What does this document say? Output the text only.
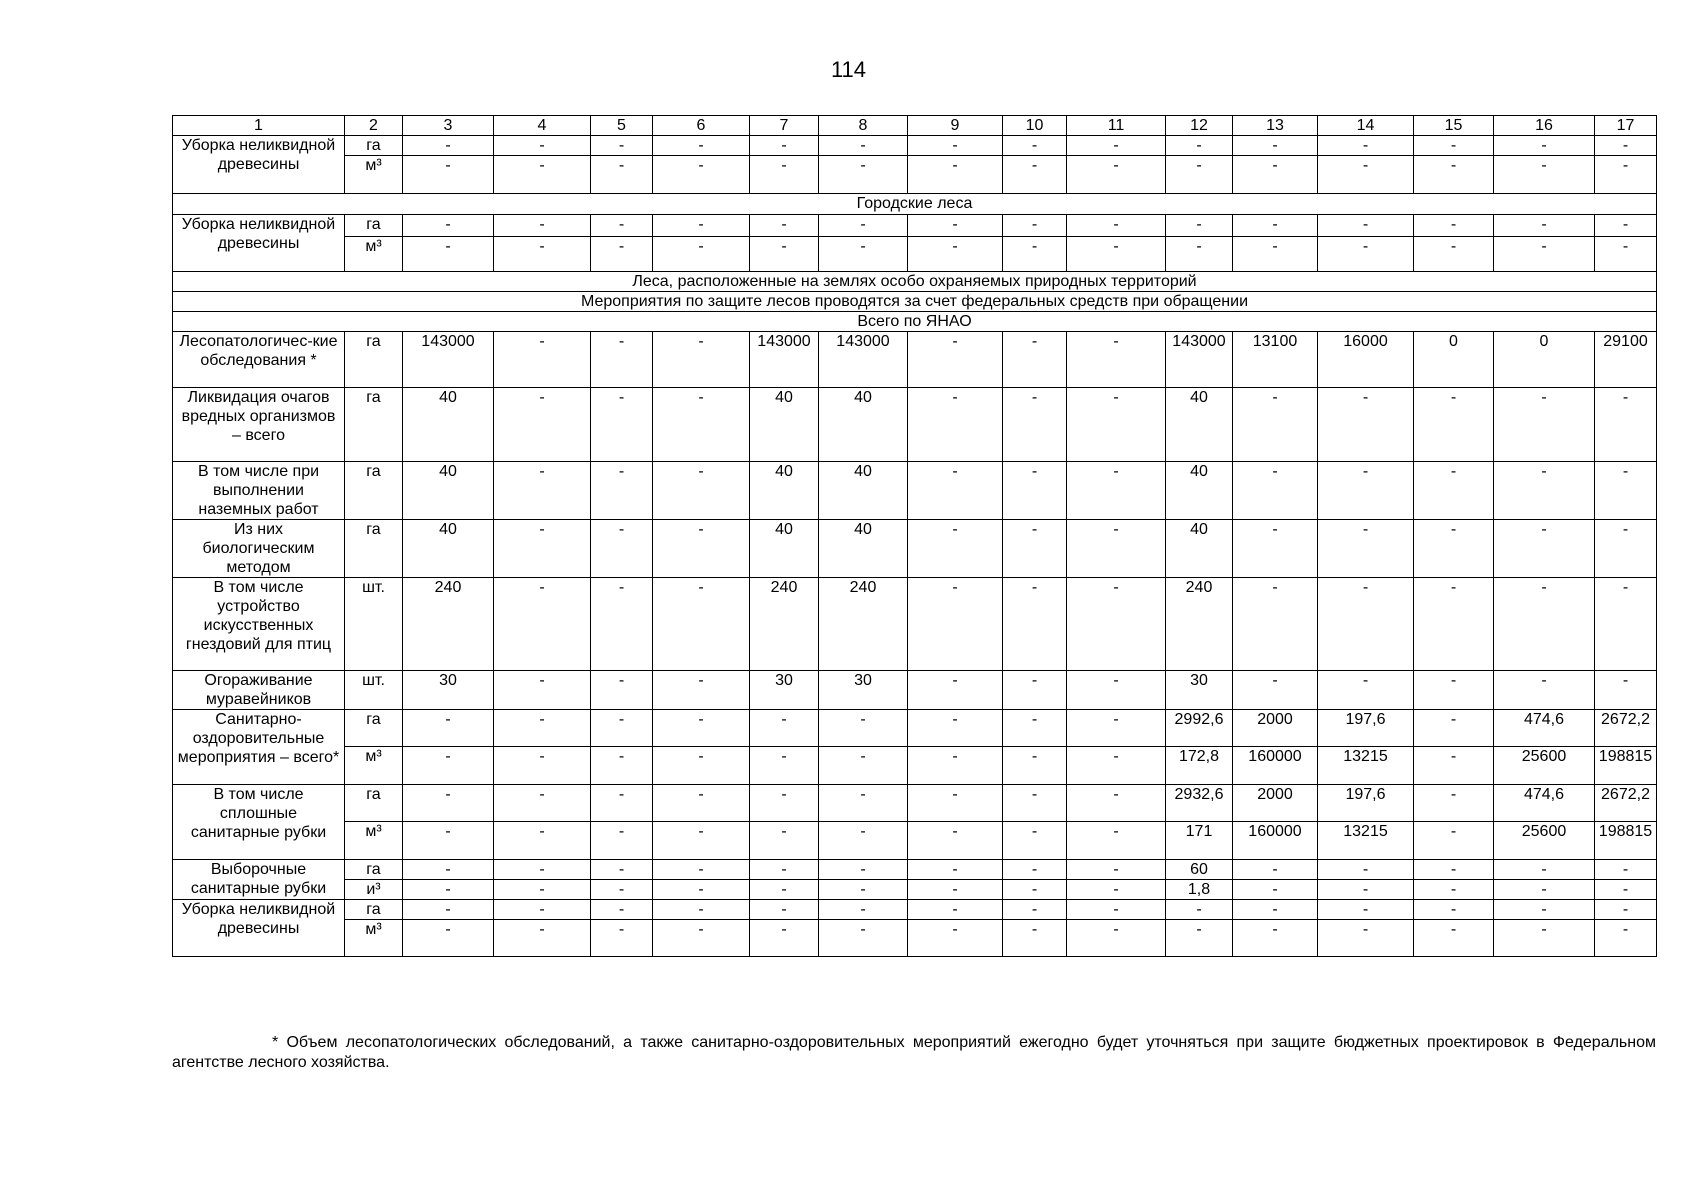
114
1	2	3	4	5	6	7	8	9	10	11	12	13	14	15	16	17
Уборка неликвидной древесины	га	-	-	-	-	-	-	-	-	-	-	-	-	-	-	-
	м³	-	-	-	-	-	-	-	-	-	-	-	-	-	-	-
Городские леса																
Уборка неликвидной древесины	га	-	-	-	-	-	-	-	-	-	-	-	-	-	-	-
	м³	-	-	-	-	-	-	-	-	-	-	-	-	-	-	-
Леса, расположенные на землях особо охраняемых природных территорий																
Мероприятия по защите лесов проводятся за счет федеральных средств при обращении																
Всего по ЯНАО																
Лесопатологичес-кие обследования *	га	143000	-	-	-	143000	143000	-	-	-	143000	13100	16000	0	0	29100
Ликвидация очагов вредных организмов – всего	га	40	-	-	-	40	40	-	-	-	40	-	-	-	-	-
В том числе при выполнении наземных работ	га	40	-	-	-	40	40	-	-	-	40	-	-	-	-	-
Из них биологическим методом	га	40	-	-	-	40	40	-	-	-	40	-	-	-	-	-
В том числе устройство искусственных гнездовий для птиц	шт.	240	-	-	-	240	240	-	-	-	240	-	-	-	-	-
Огораживание муравейников	шт.	30	-	-	-	30	30	-	-	-	30	-	-	-	-	-
Санитарно-оздоровительные мероприятия – всего*	га	-	-	-	-	-	-	-	-	-	2992,6	2000	197,6	-	474,6	2672,2
	м³	-	-	-	-	-	-	-	-	-	172,8	160000	13215	-	25600	198815
В том числе сплошные санитарные рубки	га	-	-	-	-	-	-	-	-	-	2932,6	2000	197,6	-	474,6	2672,2
	м³	-	-	-	-	-	-	-	-	-	171	160000	13215	-	25600	198815
Выборочные санитарные рубки	га	-	-	-	-	-	-	-	-	-	60	-	-	-	-	-
	и³	-	-	-	-	-	-	-	-	-	1,8	-	-	-	-	-
Уборка неликвидной древесины	га	-	-	-	-	-	-	-	-	-	-	-	-	-	-	-
	м³	-	-	-	-	-	-	-	-	-	-	-	-	-	-	-
* Объем лесопатологических обследований, а также санитарно-оздоровительных мероприятий ежегодно будет уточняться при защите бюджетных проектировок в Федеральном агентстве лесного хозяйства.
